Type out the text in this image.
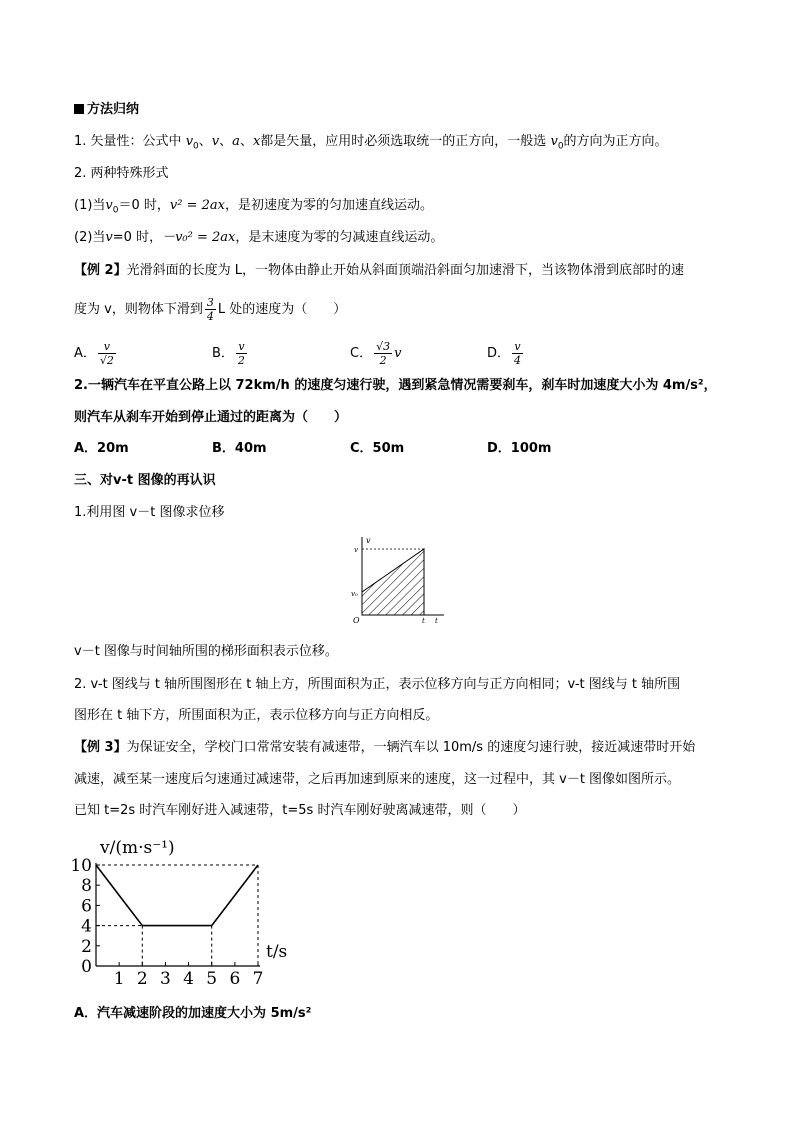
方法归纳
1. 矢量性：公式中 $v_0$、v、a、x都是矢量，应用时必须选取统一的正方向，一般选 $v_0$的方向为正方向。
2. 两种特殊形式
(1)当$v_0=0$ 时，v² = 2ax，是初速度为零的匀加速直线运动。
(2)当v=0 时，－v₀² = 2ax，是末速度为零的匀减速直线运动。
【例 2】光滑斜面的长度为 L，一物体由静止开始从斜面顶端沿斜面匀加速滑下，当该物体滑到底部时的速
度为 v，则物体下滑到 $\frac{3}{4}$ L 处的速度为（　　）
A． $\frac{v}{√2}$	B． $\frac{v}{2}$	C． $\frac{√3}{2}$ v	D． $\frac{v}{4}$
2.一辆汽车在平直公路上以 72km/h 的速度匀速行驶，遇到紧急情况需要刹车，刹车时加速度大小为 4m/s²，
则汽车从刹车开始到停止通过的距离为（　　）
A．20m	B．40m	C．50m	D．100m
三、对v-t 图像的再认识
1.利用图 v－t 图像求位移
v
v
v₀
O	t t
v－t 图像与时间轴所围的梯形面积表示位移。
2. v-t 图线与 t 轴所围图形在 t 轴上方，所围面积为正，表示位移方向与正方向相同；v-t 图线与 t 轴所围
图形在 t 轴下方，所围面积为正，表示位移方向与正方向相反。
【例 3】为保证安全，学校门口常常安装有减速带，一辆汽车以 10m/s 的速度匀速行驶，接近减速带时开始
减速，减至某一速度后匀速通过减速带，之后再加速到原来的速度，这一过程中，其 v－t 图像如图所示。
已知 t=2s 时汽车刚好进入减速带，t=5s 时汽车刚好驶离减速带，则（　　）
v/(m·s⁻¹)
t/s
0
2
4
6
8
10
1 2 3 4 5 6 7
A．汽车减速阶段的加速度大小为 5m/s²
